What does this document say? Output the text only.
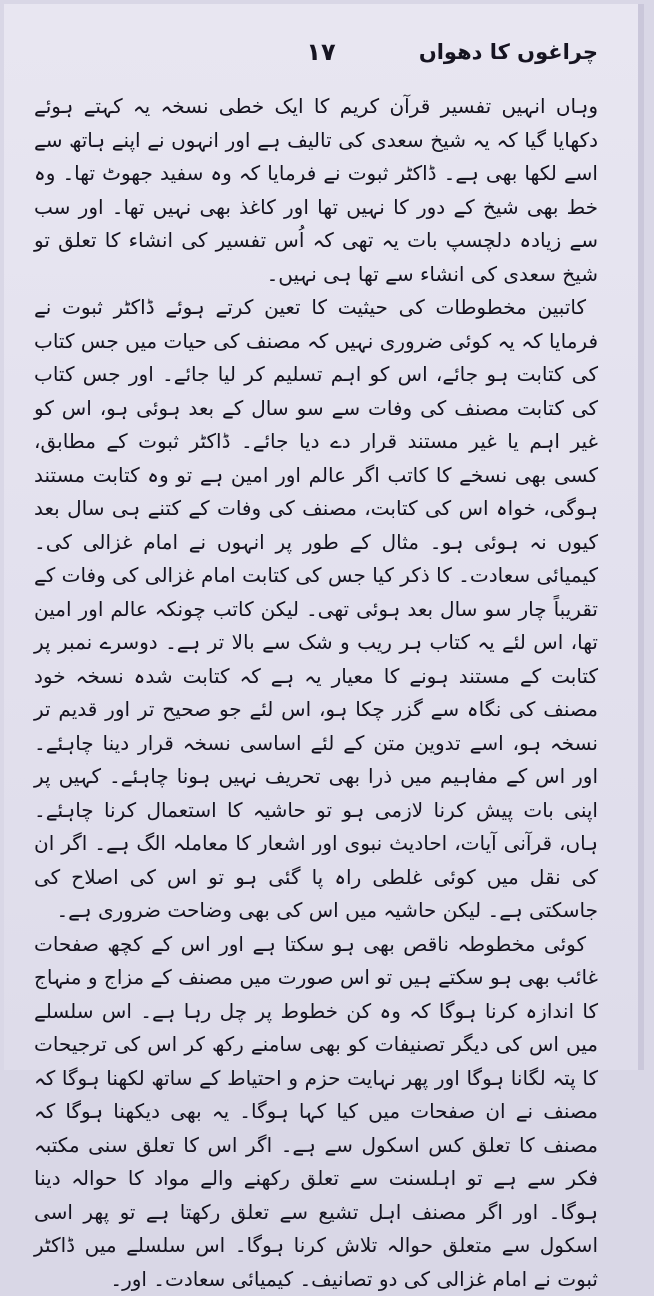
چراغوں کا دھواں
۱۷

وہاں انہیں تفسیر قرآن کریم کا ایک خطی نسخہ یہ کہتے ہوئے دکھایا گیا کہ یہ شیخ سعدی کی تالیف ہے اور انہوں نے اپنے ہاتھ سے اسے لکھا بھی ہے۔ ڈاکٹر ثبوت نے فرمایا کہ وہ سفید جھوٹ تھا۔ وہ خط بھی شیخ کے دور کا نہیں تھا اور کاغذ بھی نہیں تھا۔ اور سب سے زیادہ دلچسپ بات یہ تھی کہ اُس تفسیر کی انشاء کا تعلق تو شیخ سعدی کی انشاء سے تھا ہی نہیں۔

کاتبین مخطوطات کی حیثیت کا تعین کرتے ہوئے ڈاکٹر ثبوت نے فرمایا کہ یہ کوئی ضروری نہیں کہ مصنف کی حیات میں جس کتاب کی کتابت ہو جائے، اس کو اہم تسلیم کر لیا جائے۔ اور جس کتاب کی کتابت مصنف کی وفات سے سو سال کے بعد ہوئی ہو، اس کو غیر اہم یا غیر مستند قرار دے دیا جائے۔ ڈاکٹر ثبوت کے مطابق، کسی بھی نسخے کا کاتب اگر عالم اور امین ہے تو وہ کتابت مستند ہوگی، خواہ اس کی کتابت، مصنف کی وفات کے کتنے ہی سال بعد کیوں نہ ہوئی ہو۔ مثال کے طور پر انہوں نے امام غزالی کی۔ کیمیائی سعادت۔ کا ذکر کیا جس کی کتابت امام غزالی کی وفات کے تقریباً چار سو سال بعد ہوئی تھی۔ لیکن کاتب چونکہ عالم اور امین تھا، اس لئے یہ کتاب ہر ریب و شک سے بالا تر ہے۔ دوسرے نمبر پر کتابت کے مستند ہونے کا معیار یہ ہے کہ کتابت شدہ نسخہ خود مصنف کی نگاہ سے گزر چکا ہو، اس لئے جو صحیح تر اور قدیم تر نسخہ ہو، اسے تدوین متن کے لئے اساسی نسخہ قرار دینا چاہئے۔ اور اس کے مفاہیم میں ذرا بھی تحریف نہیں ہونا چاہئے۔ کہیں پر اپنی بات پیش کرنا لازمی ہو تو حاشیہ کا استعمال کرنا چاہئے۔ ہاں، قرآنی آیات، احادیث نبوی اور اشعار کا معاملہ الگ ہے۔ اگر ان کی نقل میں کوئی غلطی راہ پا گئی ہو تو اس کی اصلاح کی جاسکتی ہے۔ لیکن حاشیہ میں اس کی بھی وضاحت ضروری ہے۔

کوئی مخطوطہ ناقص بھی ہو سکتا ہے اور اس کے کچھ صفحات غائب بھی ہو سکتے ہیں تو اس صورت میں مصنف کے مزاج و منہاج کا اندازہ کرنا ہوگا کہ وہ کن خطوط پر چل رہا ہے۔ اس سلسلے میں اس کی دیگر تصنیفات کو بھی سامنے رکھ کر اس کی ترجیحات کا پتہ لگانا ہوگا اور پھر نہایت حزم و احتیاط کے ساتھ لکھنا ہوگا کہ مصنف نے ان صفحات میں کیا کہا ہوگا۔ یہ بھی دیکھنا ہوگا کہ مصنف کا تعلق کس اسکول سے ہے۔ اگر اس کا تعلق سنی مکتبہ فکر سے ہے تو اہلسنت سے تعلق رکھنے والے مواد کا حوالہ دینا ہوگا۔ اور اگر مصنف اہل تشیع سے تعلق رکھتا ہے تو پھر اسی اسکول سے متعلق حوالہ تلاش کرنا ہوگا۔ اس سلسلے میں ڈاکٹر ثبوت نے امام غزالی کی دو تصانیف۔ کیمیائی سعادت۔ اور۔
